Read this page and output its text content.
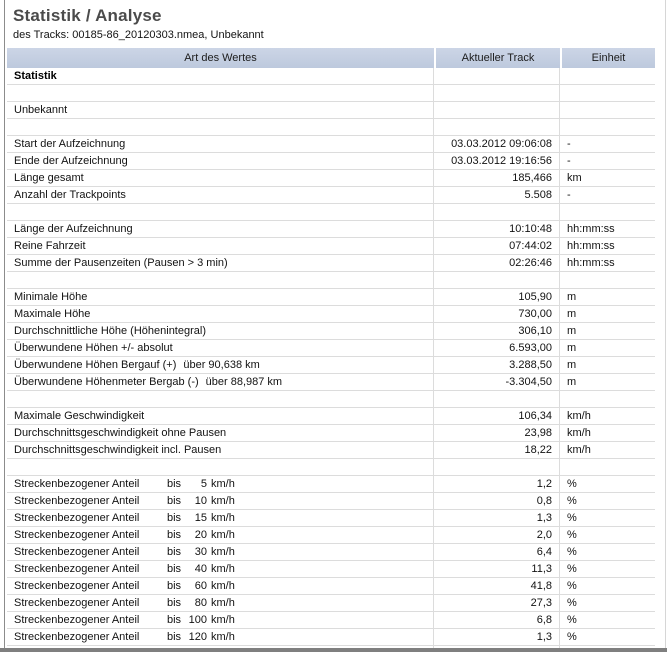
Statistik / Analyse
des Tracks: 00185-86_20120303.nmea, Unbekannt
Art des Wertes	Aktueller Track	Einheit
Statistik
Unbekannt
Start der Aufzeichnung	03.03.2012 09:06:08	-
Ende der Aufzeichnung	03.03.2012 19:16:56	-
Länge gesamt	185,466	km
Anzahl der Trackpoints	5.508	-
Länge der Aufzeichnung	10:10:48	hh:mm:ss
Reine Fahrzeit	07:44:02	hh:mm:ss
Summe der Pausenzeiten (Pausen > 3 min)	02:26:46	hh:mm:ss
Minimale Höhe	105,90	m
Maximale Höhe	730,00	m
Durchschnittliche Höhe (Höhenintegral)	306,10	m
Überwundene Höhen +/- absolut	6.593,00	m
Überwundene Höhen Bergauf (+) über 90,638 km	3.288,50	m
Überwundene Höhenmeter Bergab (-) über 88,987 km	-3.304,50	m
Maximale Geschwindigkeit	106,34	km/h
Durchschnittsgeschwindigkeit ohne Pausen	23,98	km/h
Durchschnittsgeschwindigkeit incl. Pausen	18,22	km/h
Streckenbezogener Anteil	bis 5 km/h	1,2	%
Streckenbezogener Anteil	bis 10 km/h	0,8	%
Streckenbezogener Anteil	bis 15 km/h	1,3	%
Streckenbezogener Anteil	bis 20 km/h	2,0	%
Streckenbezogener Anteil	bis 30 km/h	6,4	%
Streckenbezogener Anteil	bis 40 km/h	11,3	%
Streckenbezogener Anteil	bis 60 km/h	41,8	%
Streckenbezogener Anteil	bis 80 km/h	27,3	%
Streckenbezogener Anteil	bis 100 km/h	6,8	%
Streckenbezogener Anteil	bis 120 km/h	1,3	%
